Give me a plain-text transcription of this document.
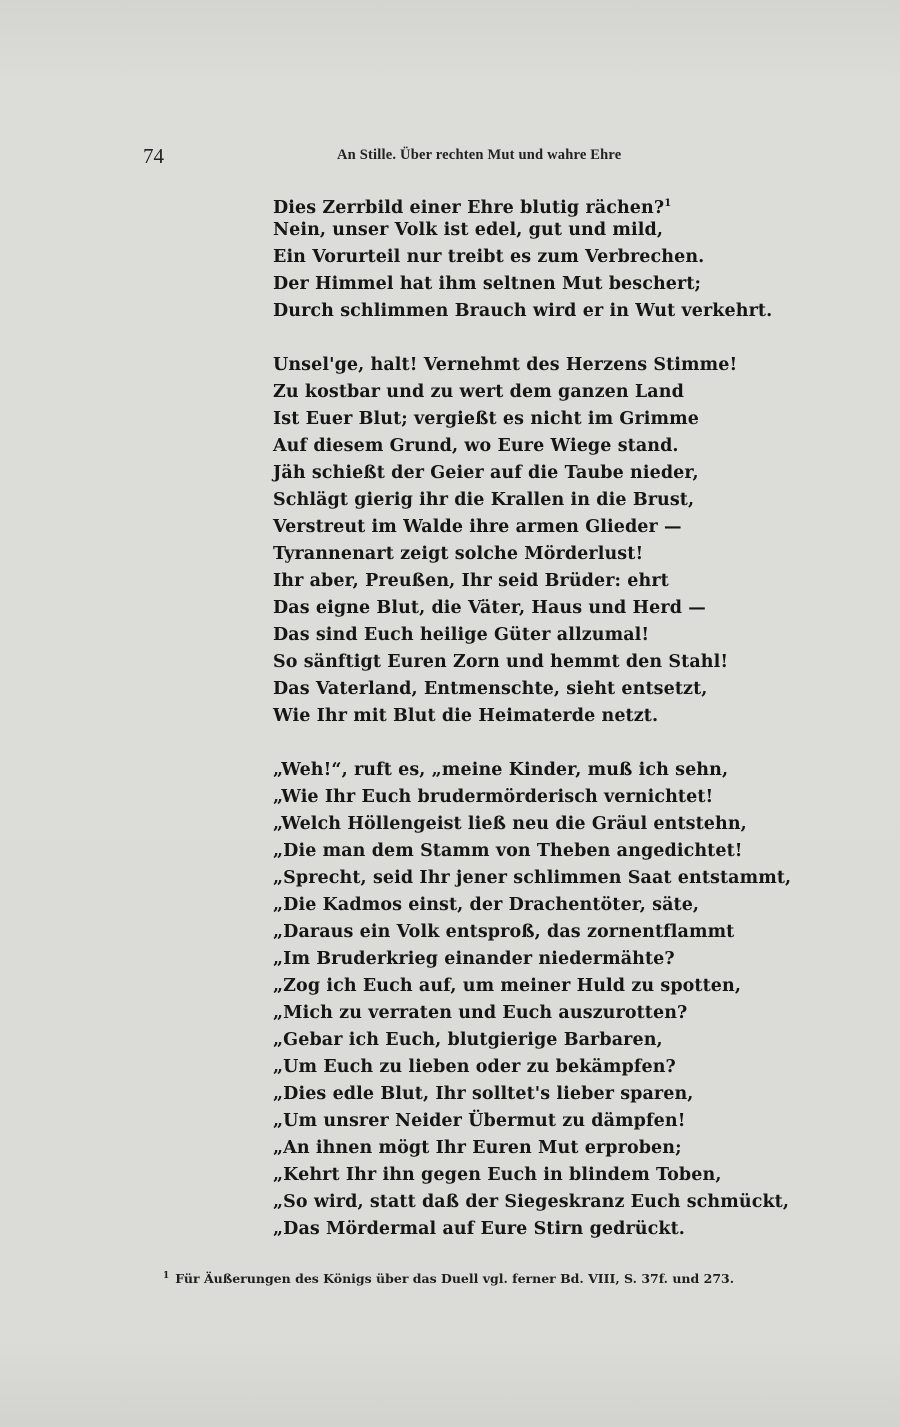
74	An Stille. Über rechten Mut und wahre Ehre
Dies Zerrbild einer Ehre blutig rächen?$^1$
Nein, unser Volk ist edel, gut und mild,
Ein Vorurteil nur treibt es zum Verbrechen.
Der Himmel hat ihm seltnen Mut beschert;
Durch schlimmen Brauch wird er in Wut verkehrt.
Unsel'ge, halt! Vernehmt des Herzens Stimme!
Zu kostbar und zu wert dem ganzen Land
Ist Euer Blut; vergießt es nicht im Grimme
Auf diesem Grund, wo Eure Wiege stand.
Jäh schießt der Geier auf die Taube nieder,
Schlägt gierig ihr die Krallen in die Brust,
Verstreut im Walde ihre armen Glieder —
Tyrannenart zeigt solche Mörderlust!
Ihr aber, Preußen, Ihr seid Brüder: ehrt
Das eigne Blut, die Väter, Haus und Herd —
Das sind Euch heilige Güter allzumal!
So sänftigt Euren Zorn und hemmt den Stahl!
Das Vaterland, Entmenschte, sieht entsetzt,
Wie Ihr mit Blut die Heimaterde netzt.
„Weh!“, ruft es, „meine Kinder, muß ich sehn,
„Wie Ihr Euch brudermörderisch vernichtet!
„Welch Höllengeist ließ neu die Gräul entstehn,
„Die man dem Stamm von Theben angedichtet!
„Sprecht, seid Ihr jener schlimmen Saat entstammt,
„Die Kadmos einst, der Drachentöter, säte,
„Daraus ein Volk entsproß, das zornentflammt
„Im Bruderkrieg einander niedermähte?
„Zog ich Euch auf, um meiner Huld zu spotten,
„Mich zu verraten und Euch auszurotten?
„Gebar ich Euch, blutgierige Barbaren,
„Um Euch zu lieben oder zu bekämpfen?
„Dies edle Blut, Ihr solltet's lieber sparen,
„Um unsrer Neider Übermut zu dämpfen!
„An ihnen mögt Ihr Euren Mut erproben;
„Kehrt Ihr ihn gegen Euch in blindem Toben,
„So wird, statt daß der Siegeskranz Euch schmückt,
„Das Mördermal auf Eure Stirn gedrückt.
$^1$ Für Äußerungen des Königs über das Duell vgl. ferner Bd. VIII, S. 37f. und 273.
